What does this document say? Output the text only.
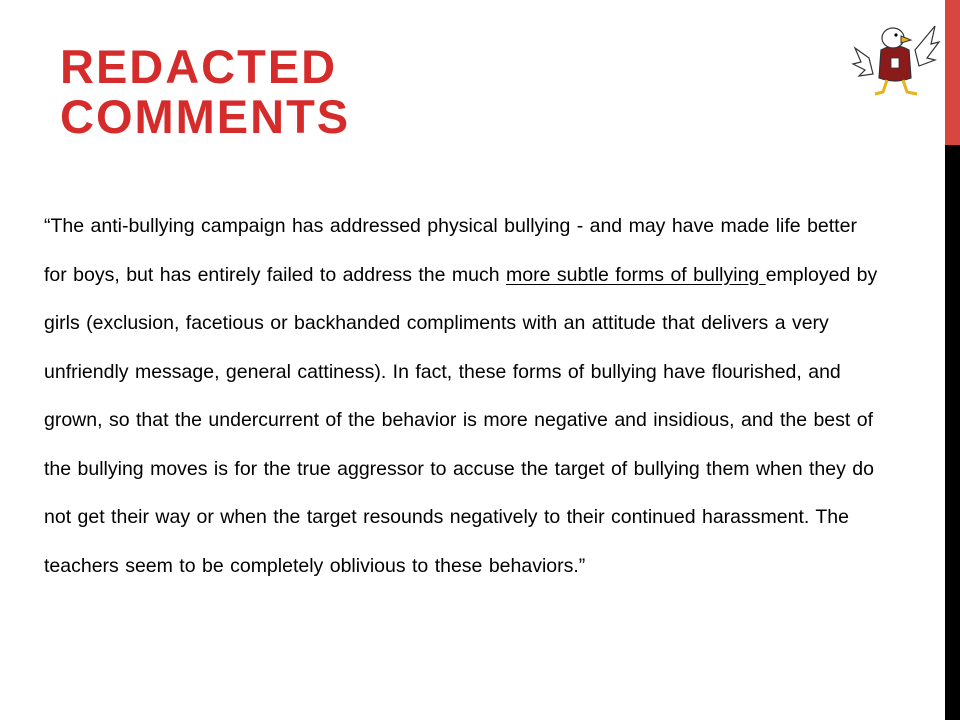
REDACTED
COMMENTS

“The anti-bullying campaign has addressed physical bullying - and may have made life better for boys, but has entirely failed to address the much more subtle forms of bullying employed by girls (exclusion, facetious or backhanded compliments with an attitude that delivers a very unfriendly message, general cattiness). In fact, these forms of bullying have flourished, and grown, so that the undercurrent of the behavior is more negative and insidious, and the best of the bullying moves is for the true aggressor to accuse the target of bullying them when they do not get their way or when the target resounds negatively to their continued harassment. The teachers seem to be completely oblivious to these behaviors.”
